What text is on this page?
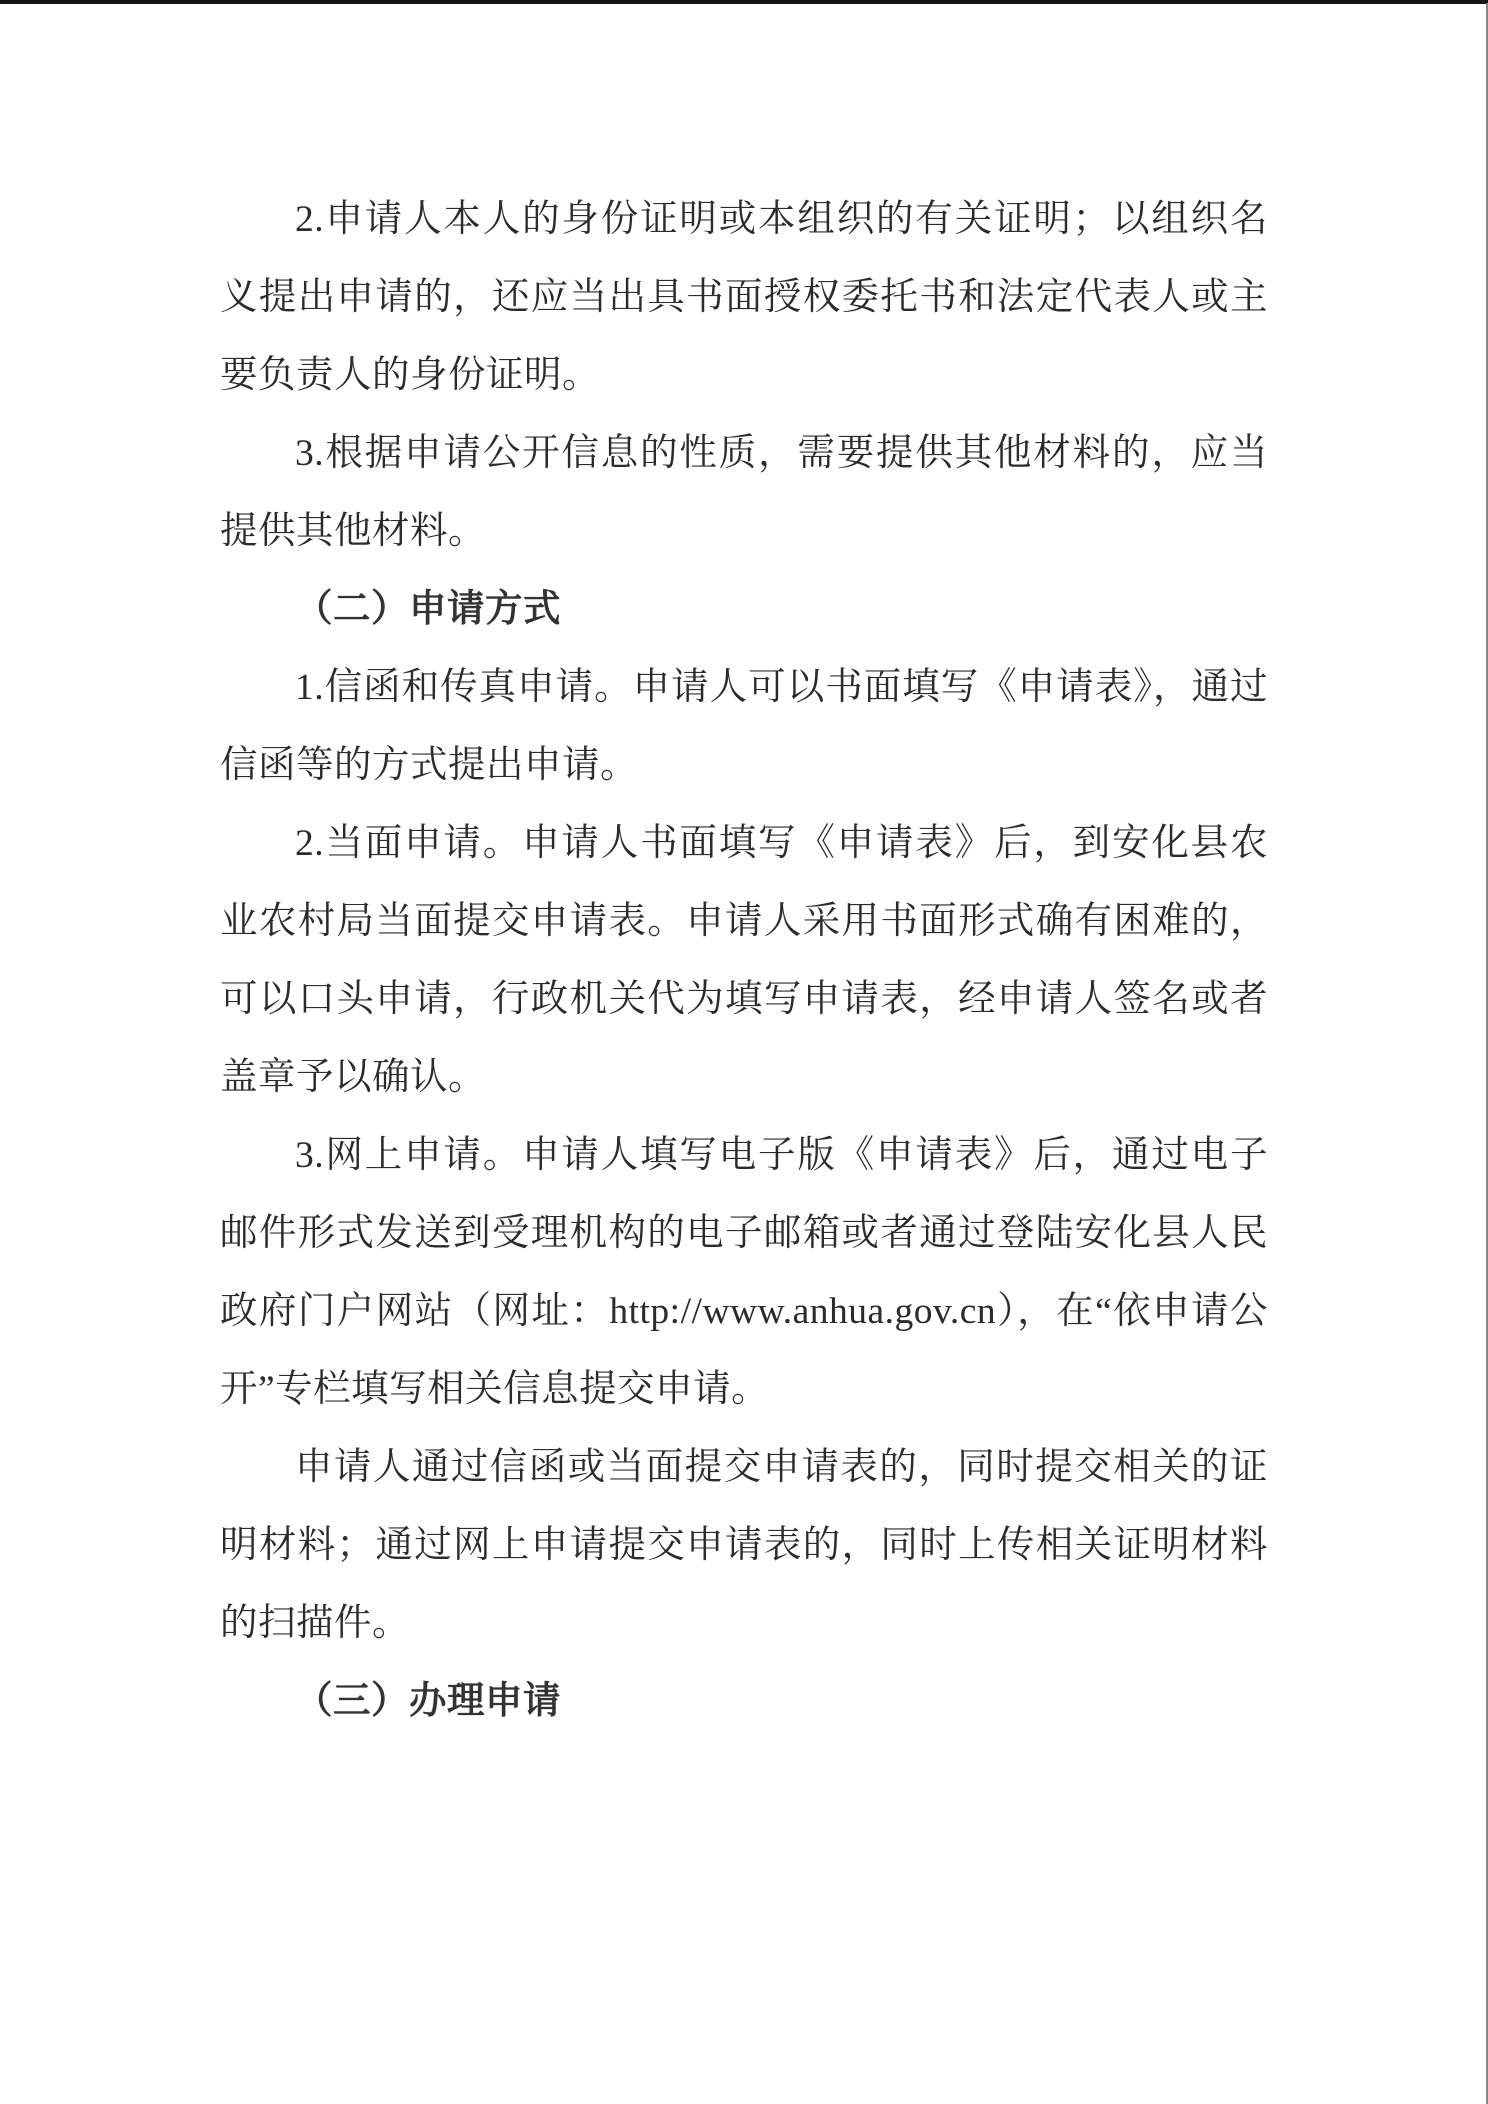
2.申请人本人的身份证明或本组织的有关证明；以组织名义提出申请的，还应当出具书面授权委托书和法定代表人或主要负责人的身份证明。

3.根据申请公开信息的性质，需要提供其他材料的，应当提供其他材料。

（二）申请方式

1.信函和传真申请。申请人可以书面填写《申请表》，通过信函等的方式提出申请。

2.当面申请。申请人书面填写《申请表》后，到安化县农业农村局当面提交申请表。申请人采用书面形式确有困难的，可以口头申请，行政机关代为填写申请表，经申请人签名或者盖章予以确认。

3.网上申请。申请人填写电子版《申请表》后，通过电子邮件形式发送到受理机构的电子邮箱或者通过登陆安化县人民政府门户网站（网址：http://www.anhua.gov.cn），在“依申请公开”专栏填写相关信息提交申请。

申请人通过信函或当面提交申请表的，同时提交相关的证明材料；通过网上申请提交申请表的，同时上传相关证明材料的扫描件。

（三）办理申请
